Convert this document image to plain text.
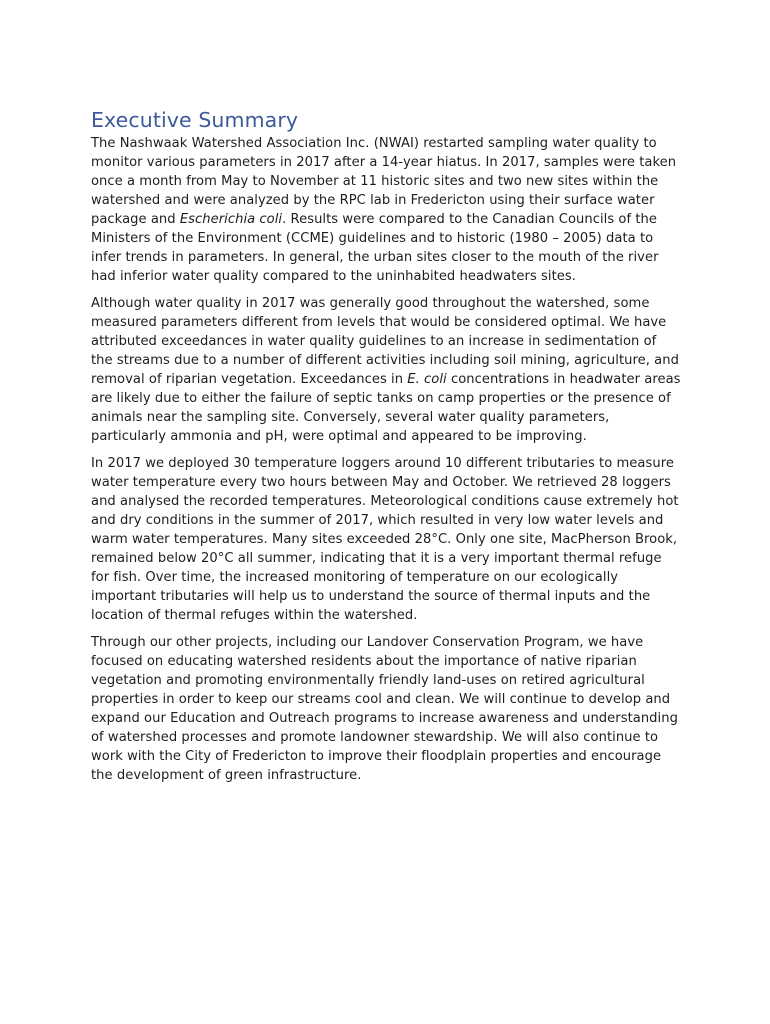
Executive Summary

The Nashwaak Watershed Association Inc. (NWAI) restarted sampling water quality to monitor various parameters in 2017 after a 14-year hiatus. In 2017, samples were taken once a month from May to November at 11 historic sites and two new sites within the watershed and were analyzed by the RPC lab in Fredericton using their surface water package and Escherichia coli. Results were compared to the Canadian Councils of the Ministers of the Environment (CCME) guidelines and to historic (1980 – 2005) data to infer trends in parameters. In general, the urban sites closer to the mouth of the river had inferior water quality compared to the uninhabited headwaters sites.

Although water quality in 2017 was generally good throughout the watershed, some measured parameters different from levels that would be considered optimal. We have attributed exceedances in water quality guidelines to an increase in sedimentation of the streams due to a number of different activities including soil mining, agriculture, and removal of riparian vegetation. Exceedances in E. coli concentrations in headwater areas are likely due to either the failure of septic tanks on camp properties or the presence of animals near the sampling site. Conversely, several water quality parameters, particularly ammonia and pH, were optimal and appeared to be improving.

In 2017 we deployed 30 temperature loggers around 10 different tributaries to measure water temperature every two hours between May and October. We retrieved 28 loggers and analysed the recorded temperatures. Meteorological conditions cause extremely hot and dry conditions in the summer of 2017, which resulted in very low water levels and warm water temperatures. Many sites exceeded 28°C. Only one site, MacPherson Brook, remained below 20°C all summer, indicating that it is a very important thermal refuge for fish. Over time, the increased monitoring of temperature on our ecologically important tributaries will help us to understand the source of thermal inputs and the location of thermal refuges within the watershed.

Through our other projects, including our Landover Conservation Program, we have focused on educating watershed residents about the importance of native riparian vegetation and promoting environmentally friendly land-uses on retired agricultural properties in order to keep our streams cool and clean. We will continue to develop and expand our Education and Outreach programs to increase awareness and understanding of watershed processes and promote landowner stewardship. We will also continue to work with the City of Fredericton to improve their floodplain properties and encourage the development of green infrastructure.
